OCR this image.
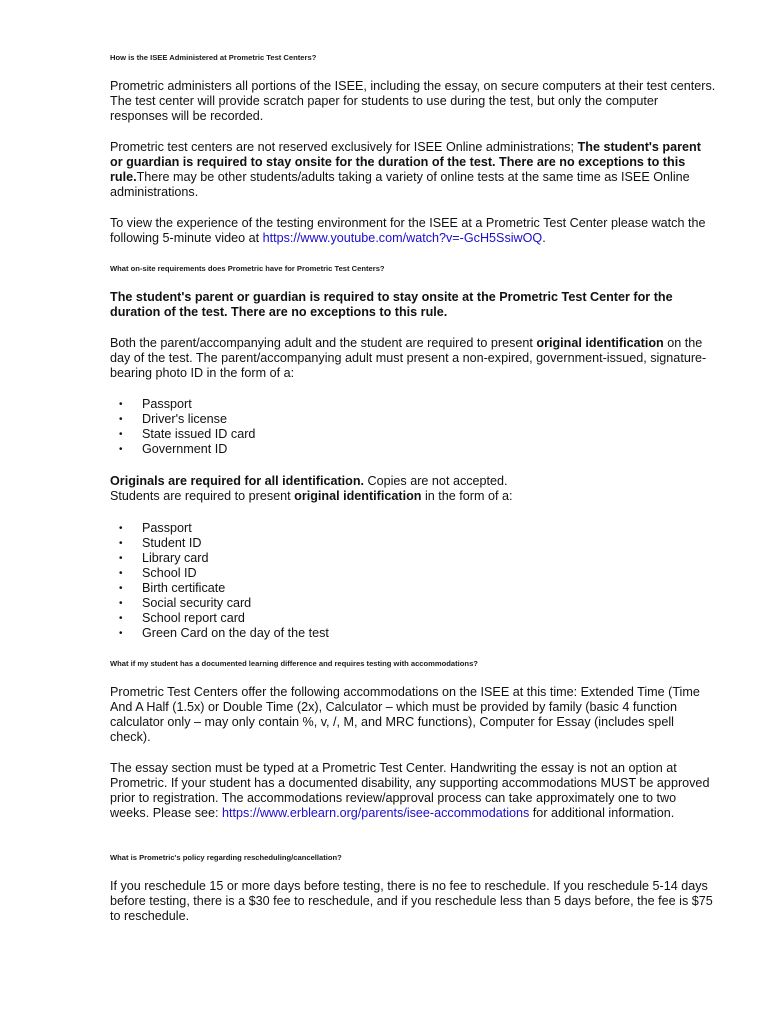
How is the ISEE Administered at Prometric Test Centers?

Prometric administers all portions of the ISEE, including the essay, on secure computers at their test centers. The test center will provide scratch paper for students to use during the test, but only the computer responses will be recorded.

Prometric test centers are not reserved exclusively for ISEE Online administrations; The student's parent or guardian is required to stay onsite for the duration of the test. There are no exceptions to this rule.There may be other students/adults taking a variety of online tests at the same time as ISEE Online administrations.

To view the experience of the testing environment for the ISEE at a Prometric Test Center please watch the following 5-minute video at https://www.youtube.com/watch?v=-GcH5SsiwOQ.

What on-site requirements does Prometric have for Prometric Test Centers?

The student's parent or guardian is required to stay onsite at the Prometric Test Center for the duration of the test. There are no exceptions to this rule.

Both the parent/accompanying adult and the student are required to present original identification on the day of the test. The parent/accompanying adult must present a non-expired, government-issued, signature-bearing photo ID in the form of a:

• Passport
• Driver's license
• State issued ID card
• Government ID

Originals are required for all identification. Copies are not accepted.
Students are required to present original identification in the form of a:

• Passport
• Student ID
• Library card
• School ID
• Birth certificate
• Social security card
• School report card
• Green Card on the day of the test
What if my student has a documented learning difference and requires testing with accommodations?

Prometric Test Centers offer the following accommodations on the ISEE at this time: Extended Time (Time And A Half (1.5x) or Double Time (2x), Calculator – which must be provided by family (basic 4 function calculator only – may only contain %, v, /, M, and MRC functions), Computer for Essay (includes spell check).

The essay section must be typed at a Prometric Test Center. Handwriting the essay is not an option at Prometric. If your student has a documented disability, any supporting accommodations MUST be approved prior to registration. The accommodations review/approval process can take approximately one to two weeks. Please see: https://www.erblearn.org/parents/isee-accommodations for additional information.

What is Prometric's policy regarding rescheduling/cancellation?

If you reschedule 15 or more days before testing, there is no fee to reschedule. If you reschedule 5-14 days before testing, there is a $30 fee to reschedule, and if you reschedule less than 5 days before, the fee is $75 to reschedule.
